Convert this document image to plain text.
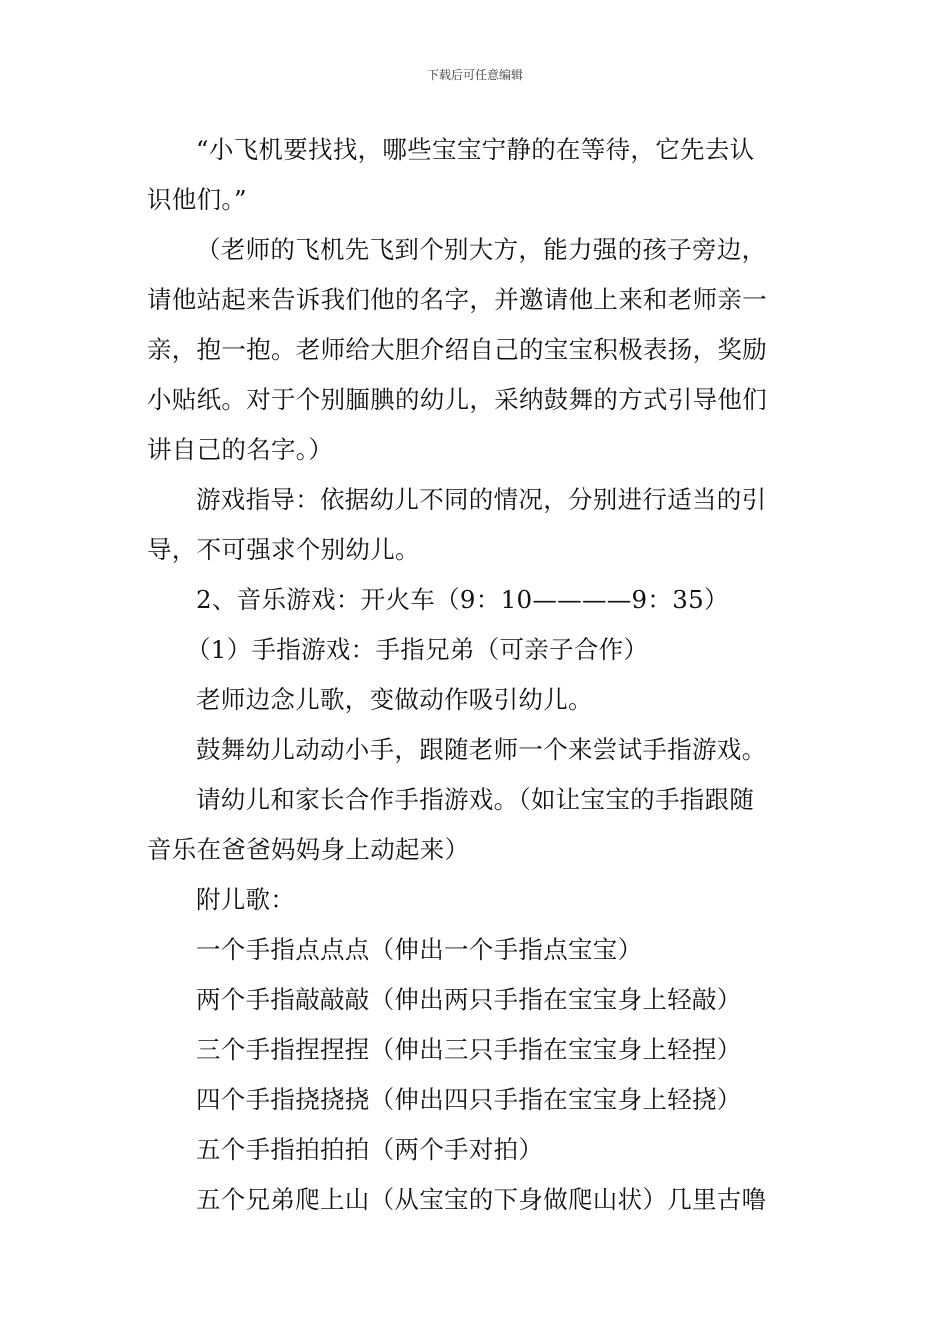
下载后可任意编辑
“小飞机要找找，哪些宝宝宁静的在等待，它先去认
识他们。”
（老师的飞机先飞到个别大方，能力强的孩子旁边，
请他站起来告诉我们他的名字，并邀请他上来和老师亲一
亲，抱一抱。老师给大胆介绍自己的宝宝积极表扬，奖励
小贴纸。对于个别腼腆的幼儿，采纳鼓舞的方式引导他们
讲自己的名字。）
游戏指导：依据幼儿不同的情况，分别进行适当的引
导，不可强求个别幼儿。
2、音乐游戏：开火车（9：10————9：35）
（1）手指游戏：手指兄弟（可亲子合作）
老师边念儿歌，变做动作吸引幼儿。
鼓舞幼儿动动小手，跟随老师一个来尝试手指游戏。
请幼儿和家长合作手指游戏。（如让宝宝的手指跟随
音乐在爸爸妈妈身上动起来）
附儿歌：
一个手指点点点（伸出一个手指点宝宝）
两个手指敲敲敲（伸出两只手指在宝宝身上轻敲）
三个手指捏捏捏（伸出三只手指在宝宝身上轻捏）
四个手指挠挠挠（伸出四只手指在宝宝身上轻挠）
五个手指拍拍拍（两个手对拍）
五个兄弟爬上山（从宝宝的下身做爬山状）几里古噜
